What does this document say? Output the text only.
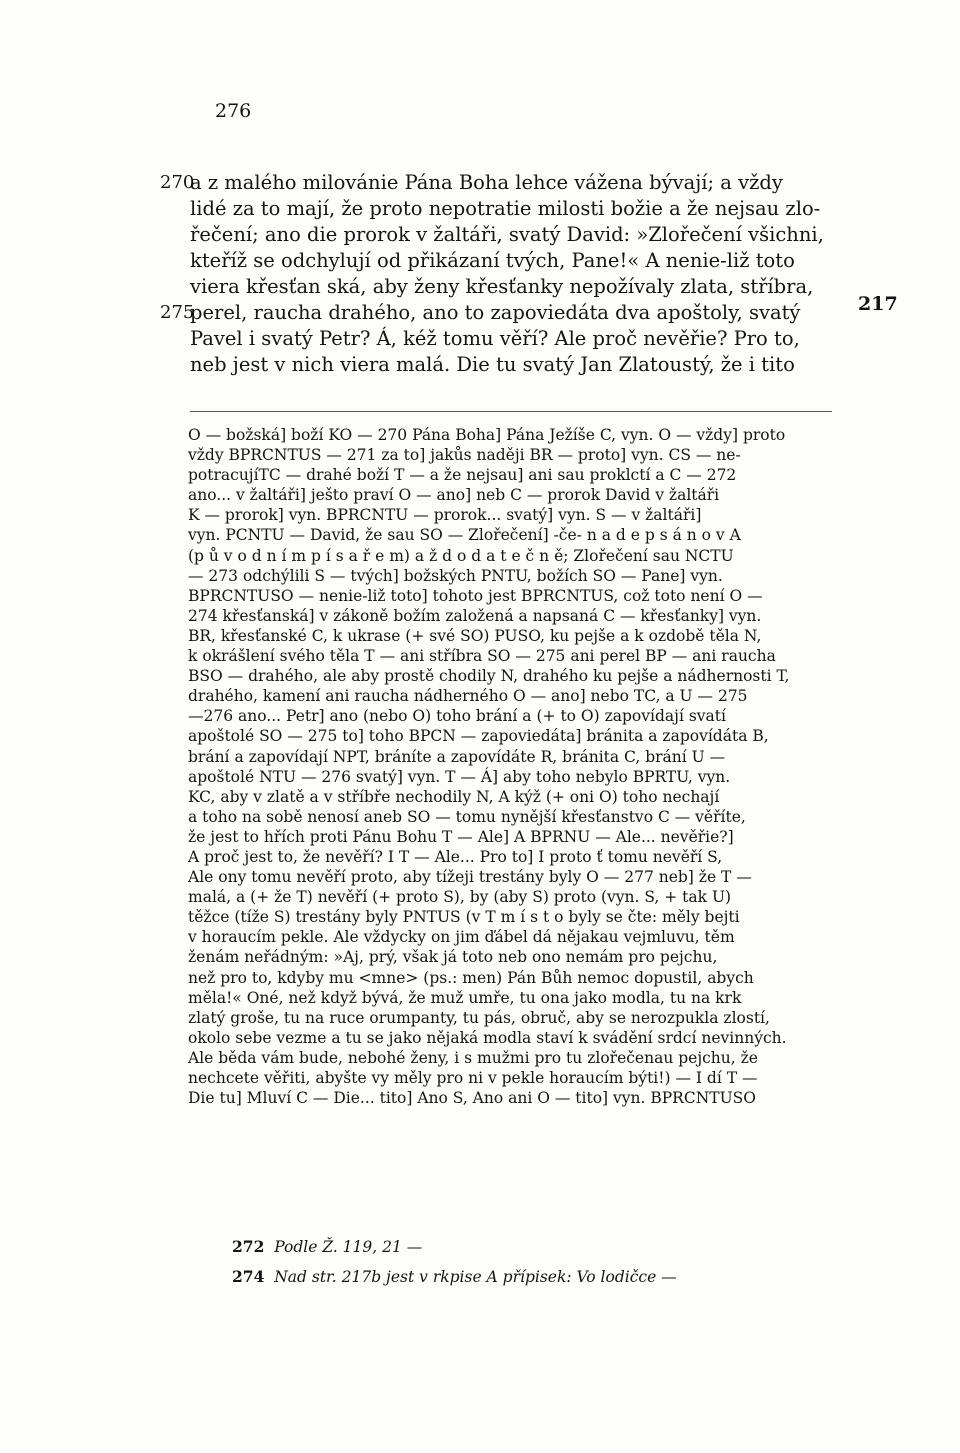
276
217
270
a z malého milovánie Pána Boha lehce vážena bývají; a vždy
lidé za to mají, že proto nepotratie milosti božie a že nejsau zlo-
řečení; ano die prorok v žaltáři, svatý David: »Zlořečení všichni,
kteříž se odchylují od přikázaní tvých, Pane!« A nenie-liž toto
viera křesťan ská, aby ženy křesťanky nepožívaly zlata, stříbra,
275
perel, raucha drahého, ano to zapoviedáta dva apoštoly, svatý
Pavel i svatý Petr? Á, kéž tomu věří? Ale proč nevěřie? Pro to,
neb jest v nich viera malá. Die tu svatý Jan Zlatoustý, že i tito
O — božská] boží KO — 270 Pána Boha] Pána Ježíše C, vyn. O — vždy] proto
vždy BPRCNTUS — 271 za to] jakůs naději BR — proto] vyn. CS — ne-
potracujíTC — drahé boží T — a že nejsau] ani sau proklctí a C — 272
ano... v žaltáři] ješto praví O — ano] neb C — prorok David v žaltáři
K — prorok] vyn. BPRCNTU — prorok... svatý] vyn. S — v žaltáři]
vyn. PCNTU — David, že sau SO — Zlořečení] -če- n a d e p s á n o v A
(p ů v o d n í m p í s a ř e m) a ž d o d a t e č n ě; Zlořečení sau NCTU
— 273 odchýlili S — tvých] božských PNTU, božích SO — Pane] vyn.
BPRCNTUSO — nenie-liž toto] tohoto jest BPRCNTUS, což toto není O —
274 křesťanská] v zákoně božím založená a napsaná C — křesťanky] vyn.
BR, křesťanské C, k ukrase (+ své SO) PUSO, ku pejše a k ozdobě těla N,
k okrášlení svého těla T — ani stříbra SO — 275 ani perel BP — ani raucha
BSO — drahého, ale aby prostě chodily N, drahého ku pejše a nádhernosti T,
drahého, kamení ani raucha nádherného O — ano] nebo TC, a U — 275
—276 ano... Petr] ano (nebo O) toho brání a (+ to O) zapovídají svatí
apoštolé SO — 275 to] toho BPCN — zapoviedáta] bránita a zapovídáta B,
brání a zapovídají NPT, bráníte a zapovídáte R, bránita C, brání U —
apoštolé NTU — 276 svatý] vyn. T — Á] aby toho nebylo BPRTU, vyn.
KC, aby v zlatě a v stříbře nechodily N, A kýž (+ oni O) toho nechají
a toho na sobě nenosí aneb SO — tomu nynější křesťanstvo C — věříte,
že jest to hřích proti Pánu Bohu T — Ale] A BPRNU — Ale... nevěřie?]
A proč jest to, že nevěří? I T — Ale... Pro to] I proto ť tomu nevěří S,
Ale ony tomu nevěří proto, aby tížeji trestány byly O — 277 neb] že T —
malá, a (+ že T) nevěří (+ proto S), by (aby S) proto (vyn. S, + tak U)
těžce (tíže S) trestány byly PNTUS (v T m í s t o byly se čte: měly bejti
v horaucím pekle. Ale vždycky on jim ďábel dá nějakau vejmluvu, těm
ženám neřádným: »Aj, prý, však já toto neb ono nemám pro pejchu,
než pro to, kdyby mu <mne> (ps.: men) Pán Bůh nemoc dopustil, abych
měla!« Oné, než když bývá, že muž umře, tu ona jako modla, tu na krk
zlatý groše, tu na ruce orumpanty, tu pás, obruč, aby se nerozpukla zlostí,
okolo sebe vezme a tu se jako nějaká modla staví k svádění srdcí nevinných.
Ale běda vám bude, nebohé ženy, i s mužmi pro tu zlořečenau pejchu, že
nechcete věřiti, abyšte vy měly pro ni v pekle horaucím býti!) — I dí T —
Die tu] Mluví C — Die... tito] Ano S, Ano ani O — tito] vyn. BPRCNTUSO
272 Podle Ž. 119, 21 —
274 Nad str. 217b jest v rkpise A přípisek: Vo lodičce —
